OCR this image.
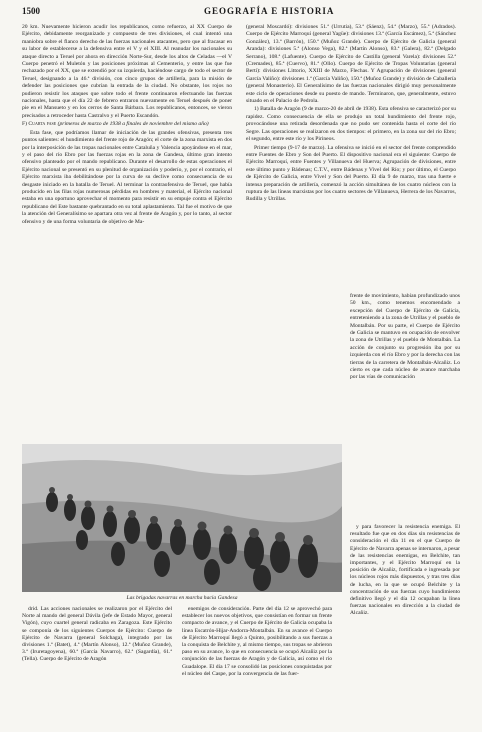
1500	GEOGRAFÍA E HISTORIA

20 km. Nuevamente hicieron acudir los republicanos, como refuerzo, al XX Cuerpo de Ejército, debidamente reorganizado y compuesto de tres divisiones, el cual intentó una maniobra sobre el flanco derecho de las fuerzas nacionales atacantes, pero que al fracasar en su labor de establecerse a la defensiva entre el V y el XIII. Al reanudar los nacionales su ataque directo a Teruel por ahora en dirección Norte-Sur, desde los altos de Celadas —el V Cuerpo penetró el Muletón y las posiciones próximas al Cementerio, y entre las que fue rechazado por el XX, que se extendió por su izquierda, haciéndose cargo de todo el sector de Teruel, designando a la 46.ª división, con cinco grupos de artillería, para la misión de defender las posiciones que cubrían la entrada de la ciudad. No obstante, los rojos no pudieron resistir los ataques que sobre todo el frente continuaron efectuando las fuerzas nacionales, hasta que el día 22 de febrero entraron nuevamente en Teruel después de poner pie en el Mansueto y en los cerros de Santa Bárbara. Los republicanos, entonces, se vieron precisados a retroceder hasta Castralvo y el Puerto Escandón.

F) Cuarta fase (primeros de marzo de 1938 a finales de noviembre del mismo año)

Esta fase, que podríamos llamar de iniciación de las grandes ofensivas, presenta tres puntos salientes: el hundimiento del frente rojo de Aragón; el corte de la zona marxista en dos por la interposición de las tropas nacionales entre Cataluña y Valencia apoyándose en el mar, y el paso del río Ebro por las fuerzas rojas en la zona de Gandesa, último gran intento ofensivo planteado por el mando republicano. Durante el desarrollo de estas operaciones el Ejército nacional se presentó en su plenitud de organización y poderío, y, por el contrario, el Ejército marxista iba debilitándose por la curva de su declive como consecuencia de su desgaste iniciado en la batalla de Teruel. Al terminar la contraofensiva de Teruel, que había producido en las filas rojas numerosas pérdidas en hombres y material, el Ejército nacional estaba en una oportuno aprovechar el momento para resistir en su empuje contra el Ejército republicano del Este bastante quebrantado en su total aplastamiento. Tal fue el motivo de que la atención del Generalísimo se apartara otra vez al frente de Aragón y, por lo tanto, al sector ofensivo y de una forma voluntaria de objetivo de Ma-

(general Moscardó): divisiones 51.ª (Urrutia), 53.ª (Sáenz), 54.ª (Marzo), 55.ª (Adrados). Cuerpo de Ejército Marroquí (general Yagüe): divisiones 13.ª (García Escámez), 5.ª (Sánchez González), 13.ª (Barrón), 150.ª (Muñoz Grande). Cuerpo de Ejército de Galicia (general Aranda): divisiones 5.ª (Alonso Vega), 82.ª (Martín Alonso), 83.ª (Galera), 82.ª (Delgado Serrano), 108.ª (Lafuente). Cuerpo de Ejército de Castilla (general Varela): divisiones 52.ª (Cremades), 85.ª (Cuervo), 81.ª (Ollo). Cuerpo de Ejército de Tropas Voluntarias (general Berti): divisiones Littorio, XXIII de Marzo, Flechas. Y Agrupación de divisiones (general García Valiño): divisiones 1.ª (García Valiño), 150.ª (Muñoz Grande) y división de Caballería (general Monasterio). El Generalísimo de las fuerzas nacionales dirigió muy personalmente este ciclo de operaciones desde su puesto de mando. Terminaron, que, generalmente, estuvo situado en el Palacio de Pedrola.

1) Batalla de Aragón (9 de marzo-20 de abril de 1938). Esta ofensiva se caracterizó por su rapidez. Como consecuencia de ella se produjo un total hundimiento del frente rojo, provocándose una retirada desordenada que no pudo ser contenida hasta el corte del río Segre. Las operaciones se realizaron en dos tiempos: el primero, en la zona sur del río Ebro; el segundo, entre este río y los Pirineos.

Primer tiempo (9-17 de marzo). La ofensiva se inició en el sector del frente comprendido entre Fuentes de Ebro y Son del Puerto. El dispositivo nacional era el siguiente: Cuerpo de Ejército Marroquí, entre Fuentes y Villanueva del Huerva; Agrupación de divisiones, entre este último punto y Bádenas; C.T.V., entre Bádenas y Vivel del Río; y por último, el Cuerpo de Ejército de Galicia, entre Vivel y Son del Puerto. El día 9 de marzo, tras una fuerte e intensa preparación de artillería, comenzó la acción simultánea de los cuatro núcleos con la ruptura de las líneas marxistas por los cuatro sectores de Villanueva, Herrera de los Navarros, Rudilla y Utrillas.

Las brigadas navarras en marcha hacia Gandesa

frente de movimiento, habían profundizado unos 50 km., como tenemos encomendado a excepción del Cuerpo de Ejército de Galicia, entreteniendo a la zona de Utrillas y el pueblo de Montalbán. Por su parte, el Cuerpo de Ejército de Galicia se mantuvo en ocupación de envolver la zona de Utrillas y el pueblo de Montalbán. La acción de conjunto su progresión iba por su izquierda con el río Ebro y por la derecha con las tierras de la carretera de Montalbán-Alcañiz. Lo cierto es que cada núcleo de avance marchaba por las vías de comunicación

drid. Las acciones nacionales se realizaron por el Ejército del Norte al mando del general Dávila (jefe de Estado Mayor, general Vigón), cuyo cuartel general radicaba en Zaragoza. Este Ejército se componía de los siguientes Cuerpos de Ejército: Cuerpo de Ejército de Navarra (general Solchaga), integrado por las divisiones 1.ª (Batet), 4.ª (Martín Alonso), 12.ª (Muñoz Grande), 3.ª (Iruretagoyena), 60.ª (García Navarro), 62.ª (Sagardía), 61.ª (Tella). Cuerpo de Ejército de Aragón

enemigos de consideración. Parte del día 12 se aprovechó para establecer los nuevos objetivos, que consistían en formar un frente compacto de avance, y el Cuerpo de Ejército de Galicia ocupaba la línea Escatrón-Hijar-Andorra-Montalbán. En su avance el Cuerpo de Ejército Marroquí llegó a Quinto, posibilitando a sus fuerzas a la conquista de Belchite y, al mismo tiempo, sus tropas se abrieron paso en su avance, lo que en consecuencia se ocupó Alcañiz por la conjunción de las fuerzas de Aragón y de Galicia, así como el río Guadalope. El día 17 se consolidó las posiciones conquistadas por el núcleo del Caspe, por la convergencia de las fuer-

y para favorecer la resistencia enemiga. El resultado fue que en dos días sin resistencias de consideración el día 11 en el que Cuerpo de Ejército de Navarra apenas se internaron, a pesar de las resistencias enemigas, en Belchite, tan importantes, y el Ejército Marroquí en la posición de Alcañiz, fortificada e ingresada por los núcleos rojos más dispuestos, y tras tres días de lucha, en la que se ocupó Belchite y la concentración de sus fuerzas cuyo hundimiento definitivo llegó y el día 12 ocupaban la línea fuerzas nacionales en dirección a la ciudad de Alcañiz.
